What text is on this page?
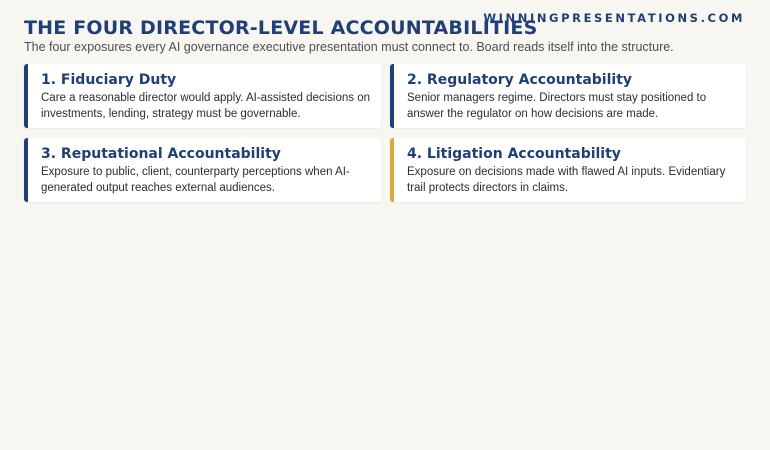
WINNINGPRESENTATIONS.COM
THE FOUR DIRECTOR-LEVEL ACCOUNTABILITIES

The four exposures every AI governance executive presentation must connect to. Board reads itself into the structure.

1. Fiduciary Duty

Care a reasonable director would apply. AI-assisted decisions on investments, lending, strategy must be governable.

2. Regulatory Accountability

Senior managers regime. Directors must stay positioned to answer the regulator on how decisions are made.

3. Reputational Accountability

Exposure to public, client, counterparty perceptions when AI-generated output reaches external audiences.

4. Litigation Accountability

Exposure on decisions made with flawed AI inputs. Evidentiary trail protects directors in claims.
